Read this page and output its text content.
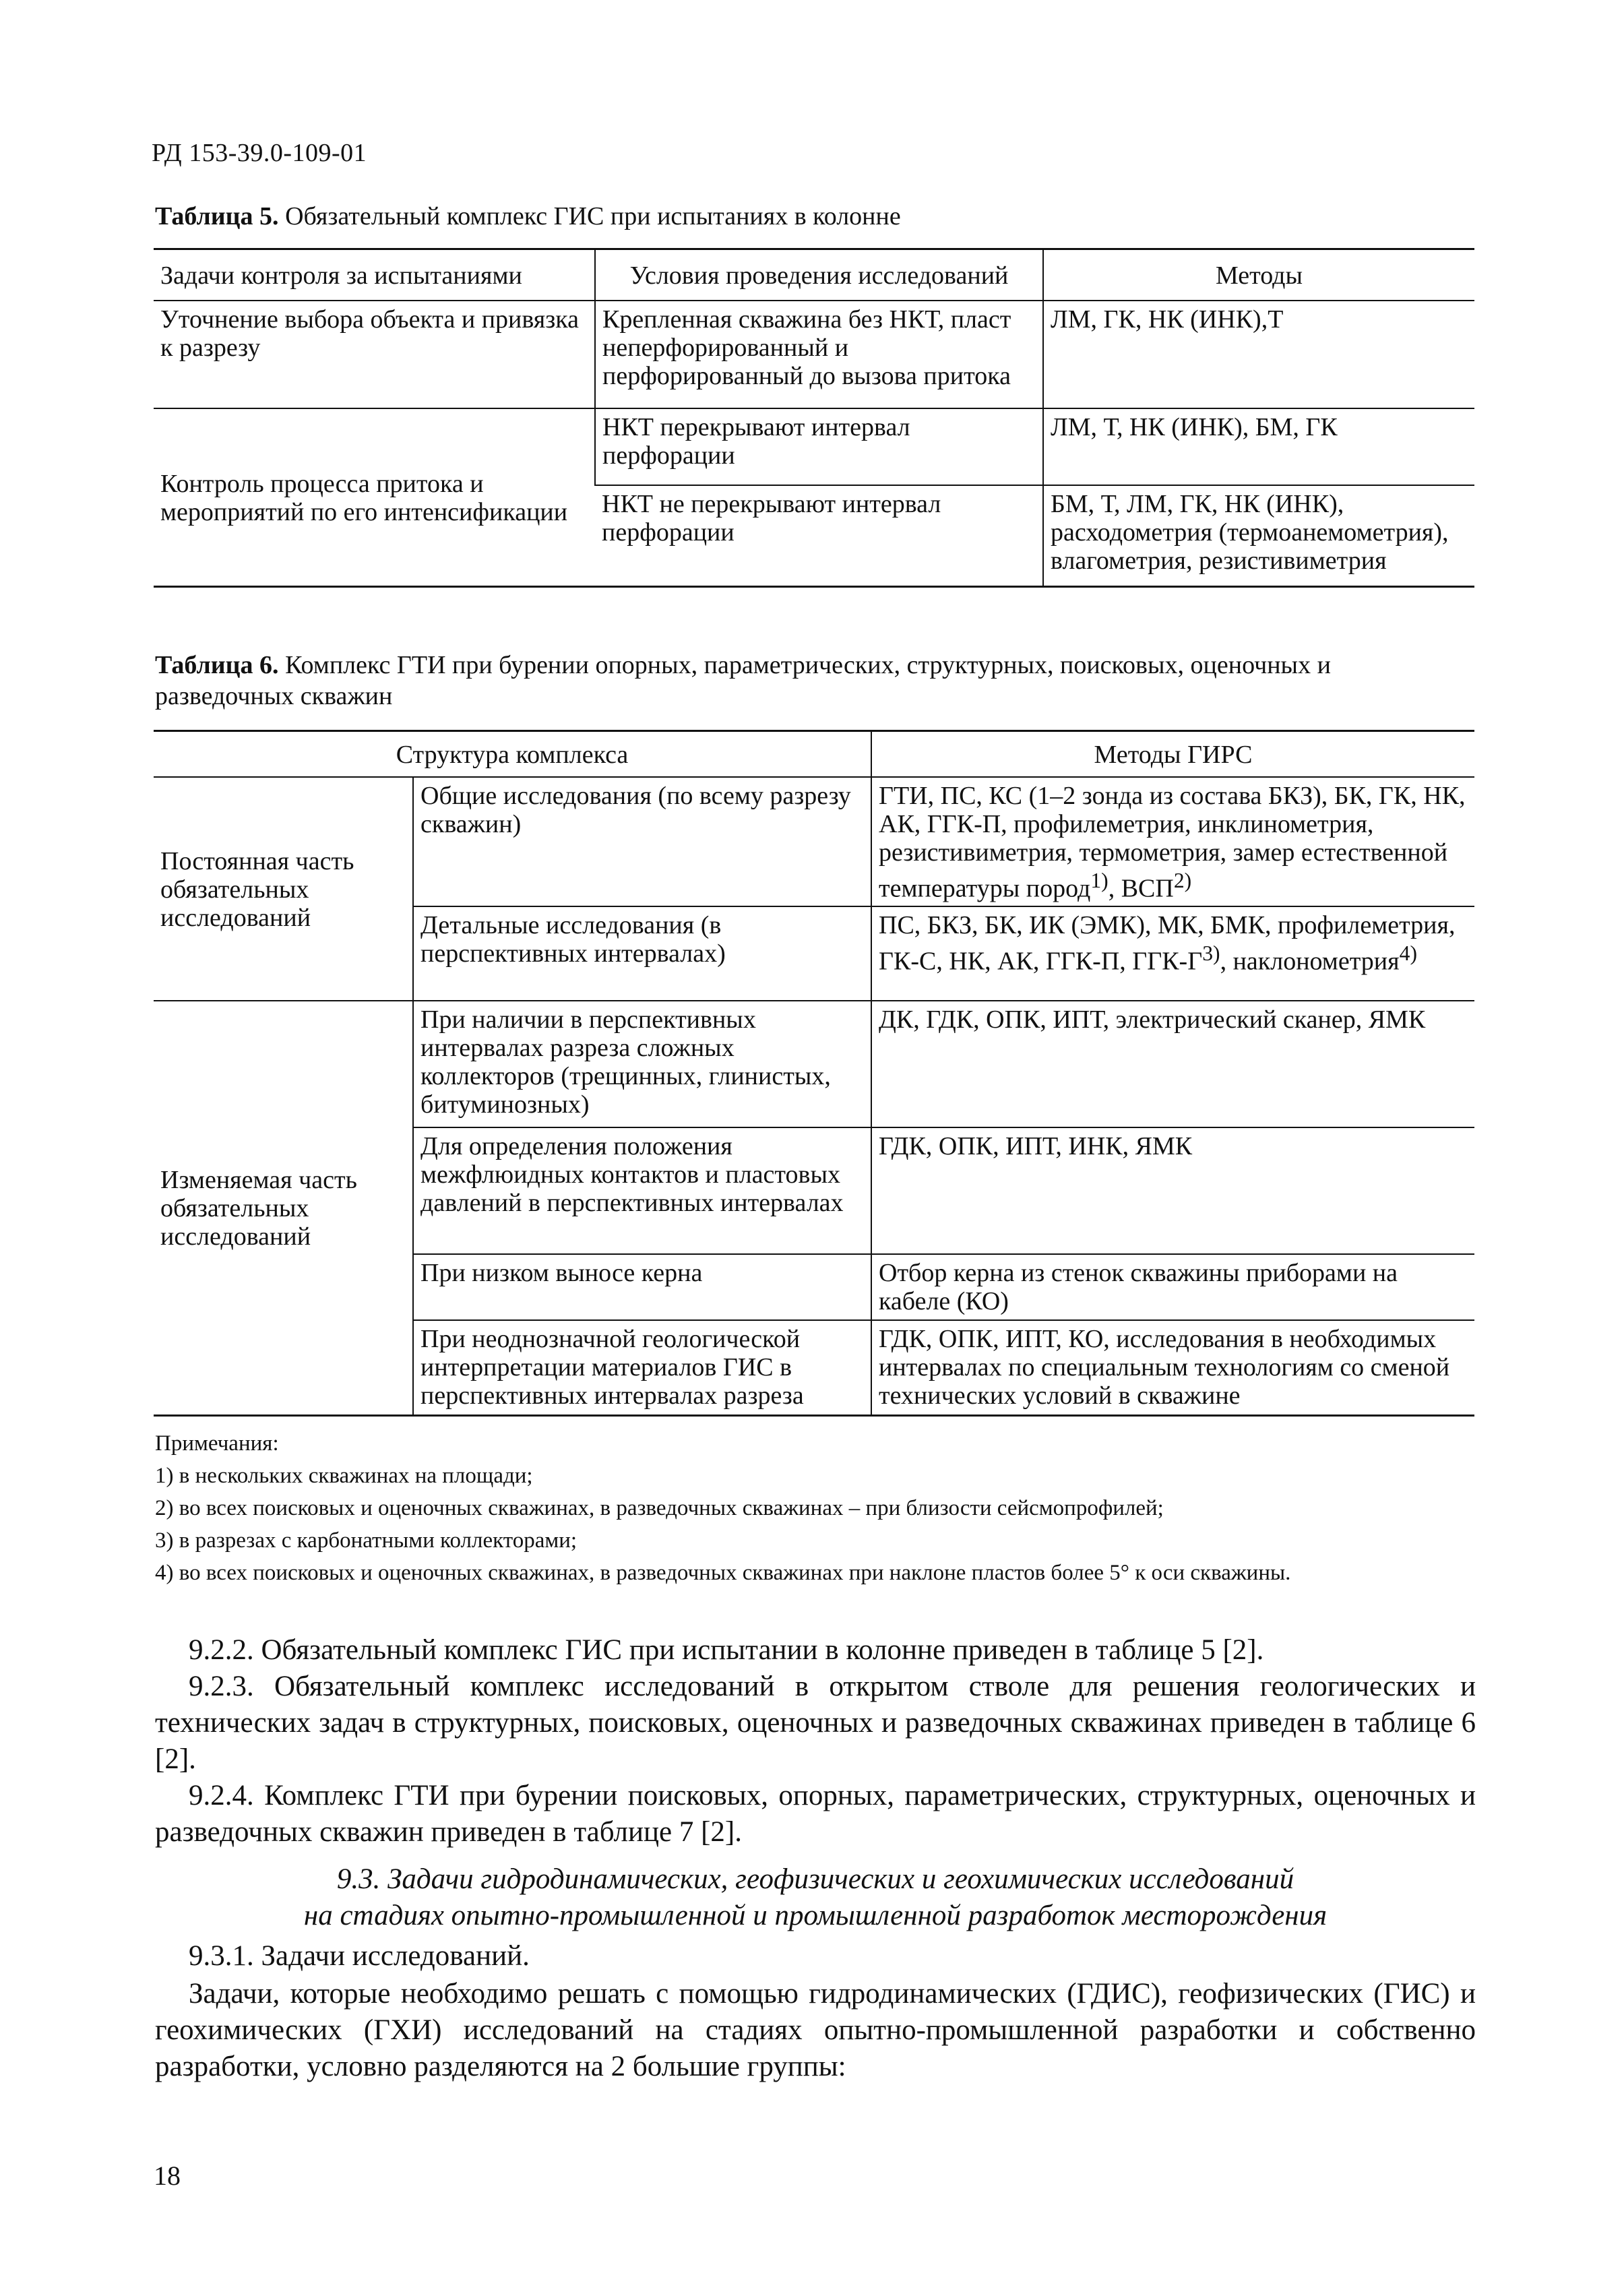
РД 153-39.0-109-01
Таблица 5. Обязательный комплекс ГИС при испытаниях в колонне
Задачи контроля за испытаниями	Условия проведения исследований	Методы
Уточнение выбора объекта и привязка к разрезу	Крепленная скважина без НКТ, пласт неперфорированный и перфорированный до вызова притока	ЛМ, ГК, НК (ИНК),Т
Контроль процесса притока и мероприятий по его интенсификации	НКТ перекрывают интервал перфорации	ЛМ, Т, НК (ИНК), БМ, ГК
	НКТ не перекрывают интервал перфорации	БМ, Т, ЛМ, ГК, НК (ИНК), расходометрия (термоанемометрия), влагометрия, резистивиметрия
Таблица 6. Комплекс ГТИ при бурении опорных, параметрических, структурных, поисковых, оценочных и разведочных скважин
Структура комплекса		Методы ГИРС
Постоянная часть обязательных исследований	Общие исследования (по всему разрезу скважин)	ГТИ, ПС, КС (1–2 зонда из состава БКЗ), БК, ГК, НК, АК, ГГК-П, профилеметрия, инклинометрия, резистивиметрия, термометрия, замер естественной температуры пород$^{1)}$, ВСП$^{2)}$
	Детальные исследования (в перспективных интервалах)	ПС, БКЗ, БК, ИК (ЭМК), МК, БМК, профилеметрия, ГК-С, НК, АК, ГГК-П, ГГК-$Г^{3)}$, наклонометрия$^{4)}$
Изменяемая часть обязательных исследований	При наличии в перспективных интервалах разреза сложных коллекторов (трещинных, глинистых, битуминозных)	ДК, ГДК, ОПК, ИПТ, электрический сканер, ЯМК
	Для определения положения межфлюидных контактов и пластовых давлений в перспективных интервалах	ГДК, ОПК, ИПТ, ИНК, ЯМК
	При низком выносе керна	Отбор керна из стенок скважины приборами на кабеле (КО)
	При неоднозначной геологической интерпретации материалов ГИС в перспективных интервалах разреза	ГДК, ОПК, ИПТ, КО, исследования в необходимых интервалах по специальным технологиям со сменой технических условий в скважине
Примечания:
1) в нескольких скважинах на площади;
2) во всех поисковых и оценочных скважинах, в разведочных скважинах – при близости сейсмопрофилей;
3) в разрезах с карбонатными коллекторами;
4) во всех поисковых и оценочных скважинах, в разведочных скважинах при наклоне пластов более 5° к оси скважины.
9.2.2. Обязательный комплекс ГИС при испытании в колонне приведен в таблице 5 [2].
9.2.3. Обязательный комплекс исследований в открытом стволе для решения геологических и технических задач в структурных, поисковых, оценочных и разведочных скважинах приведен в таблице 6 [2].
9.2.4. Комплекс ГТИ при бурении поисковых, опорных, параметрических, структурных, оценочных и разведочных скважин приведен в таблице 7 [2].
9.3. Задачи гидродинамических, геофизических и геохимических исследований
на стадиях опытно-промышленной и промышленной разработок месторождения
9.3.1. Задачи исследований.
Задачи, которые необходимо решать с помощью гидродинамических (ГДИС), геофизических (ГИС) и геохимических (ГХИ) исследований на стадиях опытно-промышленной разработки и собственно разработки, условно разделяются на 2 большие группы:
18
